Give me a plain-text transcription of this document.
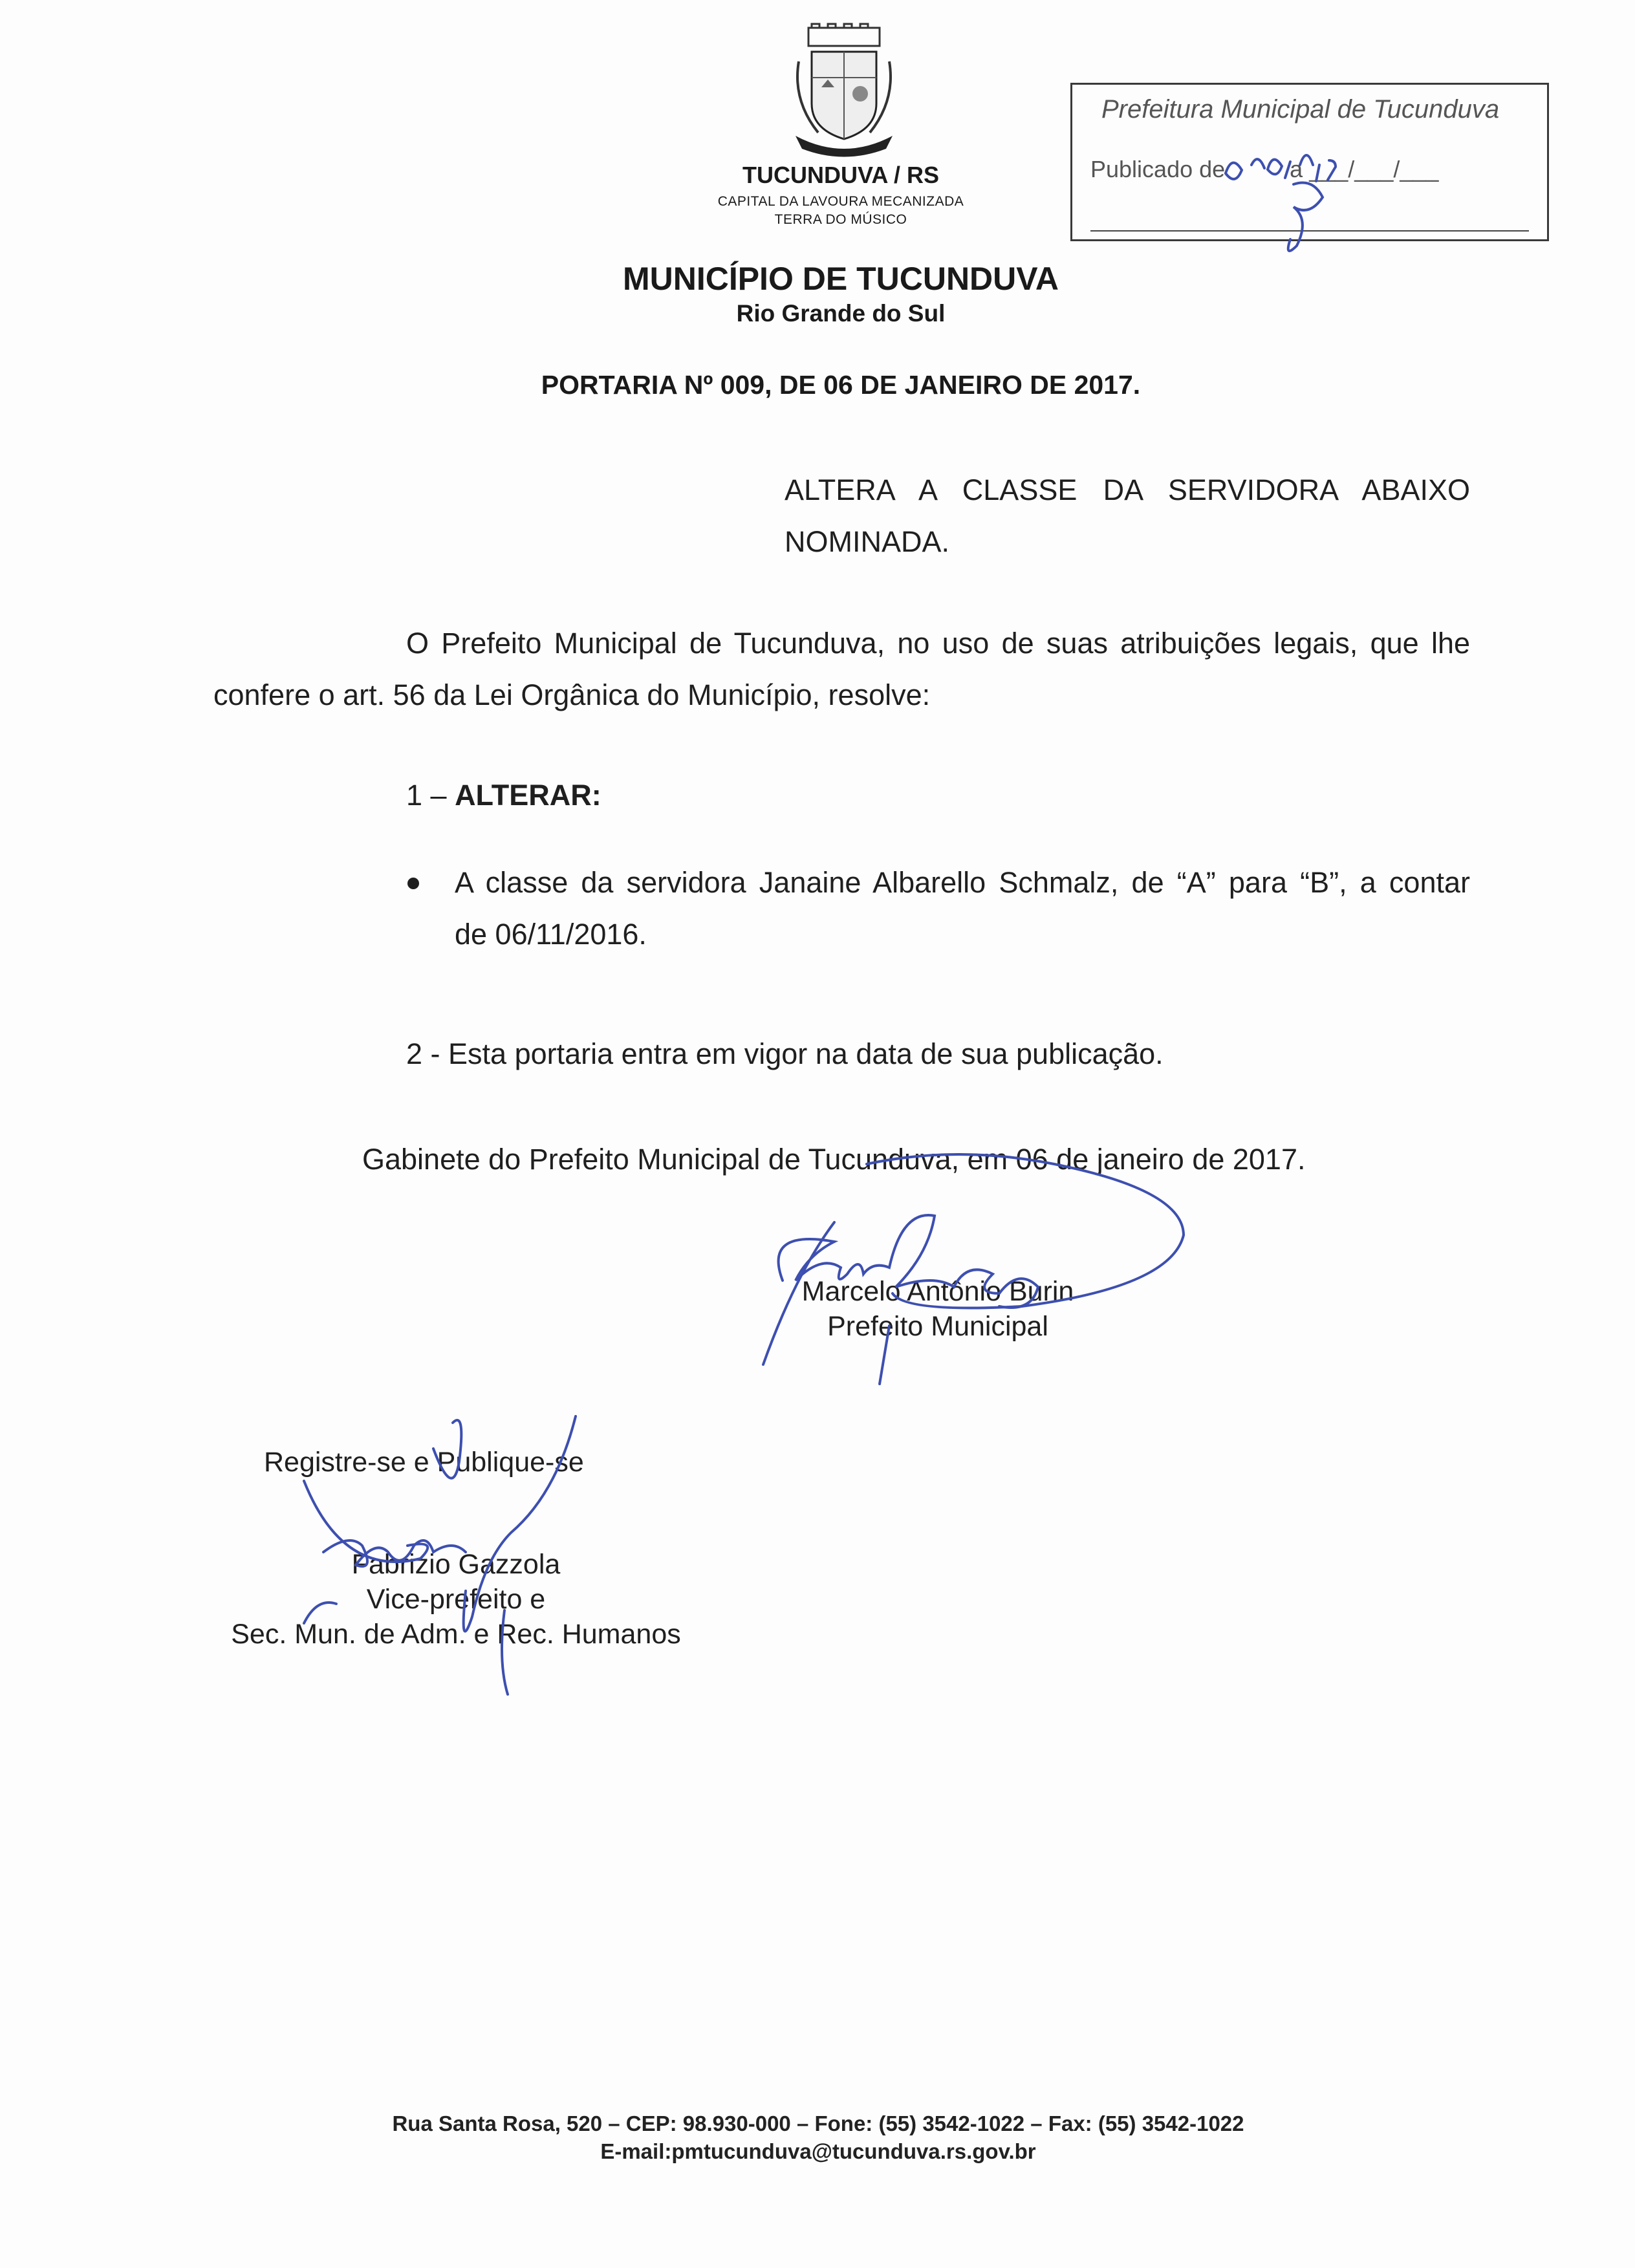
TUCUNDUVA / RS
CAPITAL DA LAVOURA MECANIZADA
TERRA DO MÚSICO
MUNICÍPIO DE TUCUNDUVA
Rio Grande do Sul
Prefeitura Municipal de Tucunduva
Publicado de          a ___/___/___
PORTARIA Nº 009, DE 06 DE JANEIRO DE 2017.
ALTERA A CLASSE DA SERVIDORA ABAIXO
NOMINADA.
O Prefeito Municipal de Tucunduva, no uso de suas atribuições legais, que lhe
confere o art. 56 da Lei Orgânica do Município, resolve:
1 – ALTERAR:
A classe da servidora Janaine Albarello Schmalz, de “A” para “B”, a contar
de 06/11/2016.
2 - Esta portaria entra em vigor na data de sua publicação.
Gabinete do Prefeito Municipal de Tucunduva, em 06 de janeiro de 2017.
Marcelo Antônio Burin
Prefeito Municipal
Registre-se e Publique-se
Fabrizio Gazzola
Vice-prefeito e
Sec. Mun. de Adm. e Rec. Humanos
Rua Santa Rosa, 520 – CEP: 98.930-000 – Fone: (55) 3542-1022 – Fax: (55) 3542-1022
E-mail:pmtucunduva@tucunduva.rs.gov.br
